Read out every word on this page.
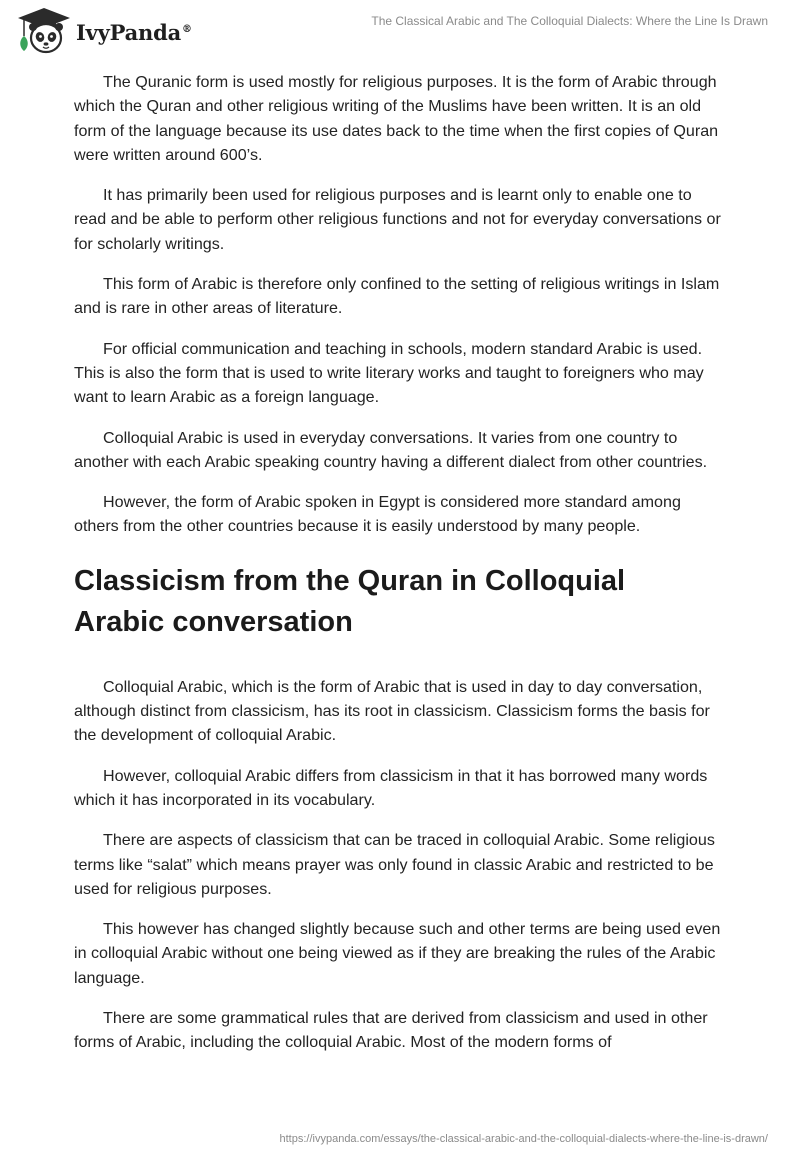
IvyPanda®
The Classical Arabic and The Colloquial Dialects: Where the Line Is Drawn

The Quranic form is used mostly for religious purposes. It is the form of Arabic through which the Quran and other religious writing of the Muslims have been written. It is an old form of the language because its use dates back to the time when the first copies of Quran were written around 600’s.

It has primarily been used for religious purposes and is learnt only to enable one to read and be able to perform other religious functions and not for everyday conversations or for scholarly writings.

This form of Arabic is therefore only confined to the setting of religious writings in Islam and is rare in other areas of literature.

For official communication and teaching in schools, modern standard Arabic is used. This is also the form that is used to write literary works and taught to foreigners who may want to learn Arabic as a foreign language.

Colloquial Arabic is used in everyday conversations. It varies from one country to another with each Arabic speaking country having a different dialect from other countries.

However, the form of Arabic spoken in Egypt is considered more standard among others from the other countries because it is easily understood by many people.

Classicism from the Quran in Colloquial Arabic conversation

Colloquial Arabic, which is the form of Arabic that is used in day to day conversation, although distinct from classicism, has its root in classicism. Classicism forms the basis for the development of colloquial Arabic.

However, colloquial Arabic differs from classicism in that it has borrowed many words which it has incorporated in its vocabulary.

There are aspects of classicism that can be traced in colloquial Arabic. Some religious terms like “salat” which means prayer was only found in classic Arabic and restricted to be used for religious purposes.

This however has changed slightly because such and other terms are being used even in colloquial Arabic without one being viewed as if they are breaking the rules of the Arabic language.

There are some grammatical rules that are derived from classicism and used in other forms of Arabic, including the colloquial Arabic. Most of the modern forms of

https://ivypanda.com/essays/the-classical-arabic-and-the-colloquial-dialects-where-the-line-is-drawn/
